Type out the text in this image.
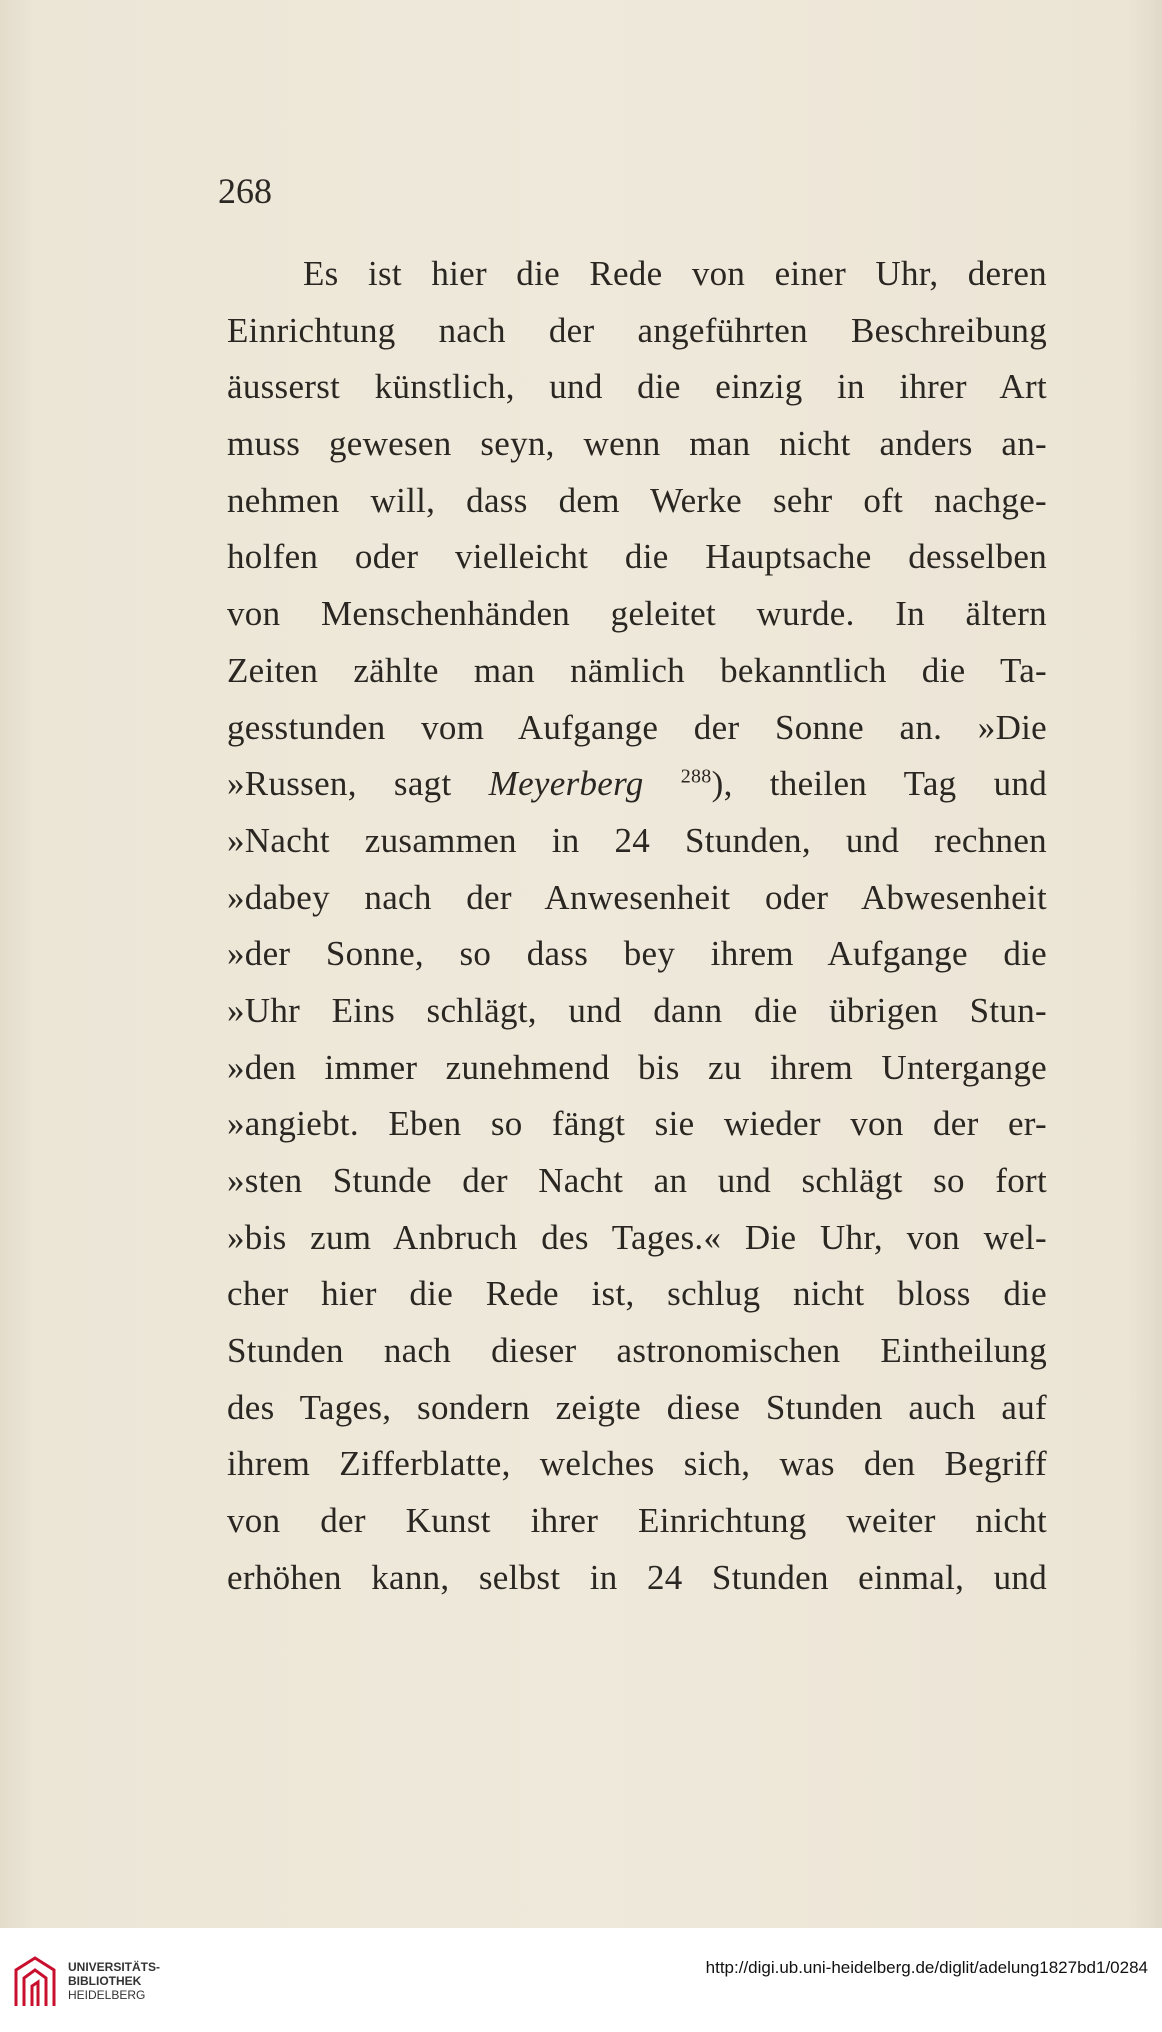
268
Es ist hier die Rede von einer Uhr, deren
Einrichtung nach der angeführten Beschreibung
äusserst künstlich, und die einzig in ihrer Art
muss gewesen seyn, wenn man nicht anders an-
nehmen will, dass dem Werke sehr oft nachge-
holfen oder vielleicht die Hauptsache desselben
von Menschenhänden geleitet wurde. In ältern
Zeiten zählte man nämlich bekanntlich die Ta-
gesstunden vom Aufgange der Sonne an. »Die
»Russen, sagt Meyerberg $^{288}$), theilen Tag und
»Nacht zusammen in 24 Stunden, und rechnen
»dabey nach der Anwesenheit oder Abwesenheit
»der Sonne, so dass bey ihrem Aufgange die
»Uhr Eins schlägt, und dann die übrigen Stun-
»den immer zunehmend bis zu ihrem Untergange
»angiebt. Eben so fängt sie wieder von der er-
»sten Stunde der Nacht an und schlägt so fort
»bis zum Anbruch des Tages.« Die Uhr, von wel-
cher hier die Rede ist, schlug nicht bloss die
Stunden nach dieser astronomischen Eintheilung
des Tages, sondern zeigte diese Stunden auch auf
ihrem Zifferblatte, welches sich, was den Begriff
von der Kunst ihrer Einrichtung weiter nicht
erhöhen kann, selbst in 24 Stunden einmal, und
UNIVERSITÄTS-
BIBLIOTHEK
HEIDELBERG
http://digi.ub.uni-heidelberg.de/diglit/adelung1827bd1/0284
